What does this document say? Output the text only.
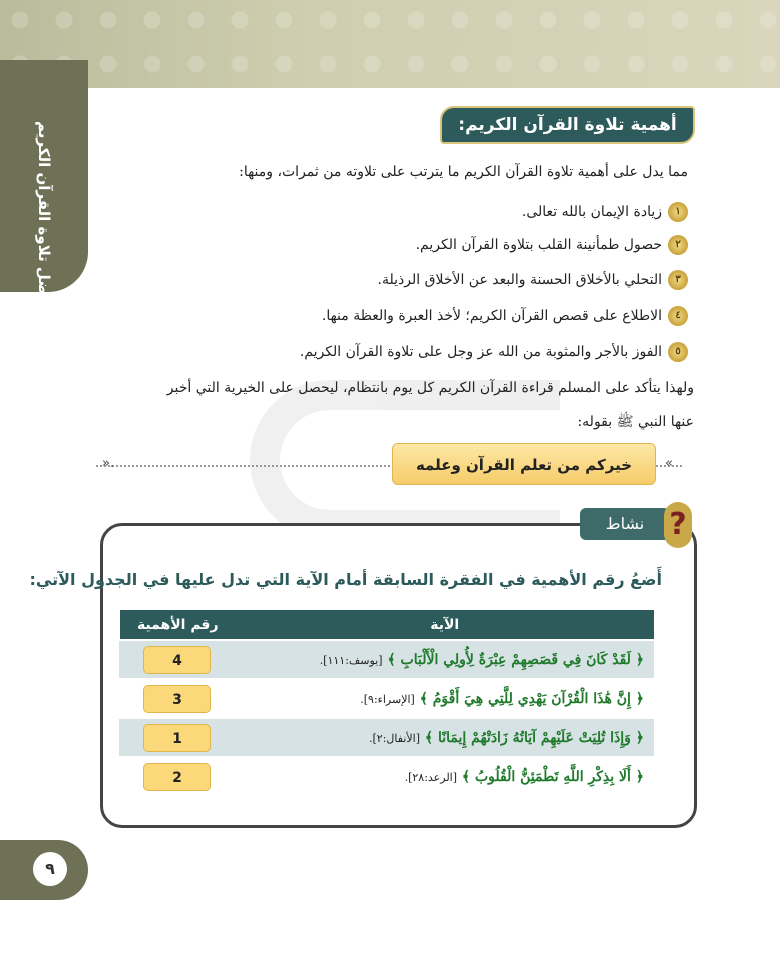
التجويد: فضل تلاوة القرآن الكريم	أهمية تلاوة القرآن الكريم:
مما يدل على أهمية تلاوة القرآن الكريم ما يترتب على تلاوته من ثمرات، ومنها:
١زيادة الإيمان بالله تعالى.
٢حصول طمأنينة القلب بتلاوة القرآن الكريم.
٣التحلي بالأخلاق الحسنة والبعد عن الأخلاق الرذيلة.
٤الاطلاع على قصص القرآن الكريم؛ لأخذ العبرة والعظة منها.
٥الفوز بالأجر والمثوبة من الله عز وجل على تلاوة القرآن الكريم.
ولهذا يتأكد على المسلم قراءة القرآن الكريم كل يوم بانتظام، ليحصل على الخيرية التي أخبر
عنها النبي ﷺ بقوله:
«
».	خيركم من تعلم القرآن وعلمه
نشاط ?
أَضعُ رقم الأهمية في الفقرة السابقة أمام الآية التي تدل عليها في الجدول الآتي:
الآية	رقم الأهمية
﴿ لَقَدْ كَانَ فِي قَصَصِهِمْ عِبْرَةٌ لِأُولِي الْأَلْبَابِ ﴾ [يوسف:١١١].	4
﴿ إِنَّ هَٰذَا الْقُرْآنَ يَهْدِي لِلَّتِي هِيَ أَقْوَمُ ﴾ [الإسراء:٩].	3
﴿ وَإِذَا تُلِيَتْ عَلَيْهِمْ آيَاتُهُ زَادَتْهُمْ إِيمَانًا ﴾ [الأنفال:٢].	1
﴿ أَلَا بِذِكْرِ اللَّهِ تَطْمَئِنُّ الْقُلُوبُ ﴾ [الرعد:٢٨].	2
٩
